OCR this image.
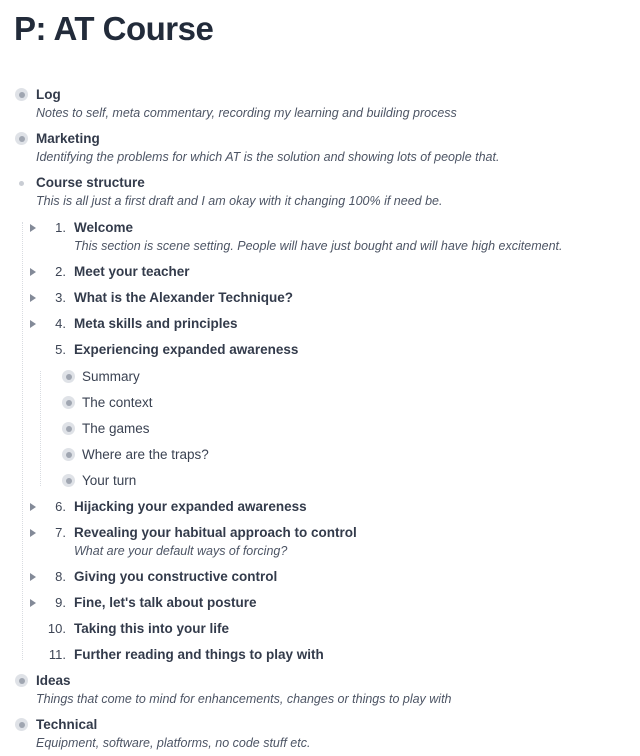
P: AT Course
Log
Notes to self, meta commentary, recording my learning and building process
Marketing
Identifying the problems for which AT is the solution and showing lots of people that.
Course structure
This is all just a first draft and I am okay with it changing 100% if need be.
1. Welcome
This section is scene setting. People will have just bought and will have high excitement.
2. Meet your teacher
3. What is the Alexander Technique?
4. Meta skills and principles
5. Experiencing expanded awareness
Summary
The context
The games
Where are the traps?
Your turn
6. Hijacking your expanded awareness
7. Revealing your habitual approach to control
What are your default ways of forcing?
8. Giving you constructive control
9. Fine, let's talk about posture
10. Taking this into your life
11. Further reading and things to play with
Ideas
Things that come to mind for enhancements, changes or things to play with
Technical
Equipment, software, platforms, no code stuff etc.
